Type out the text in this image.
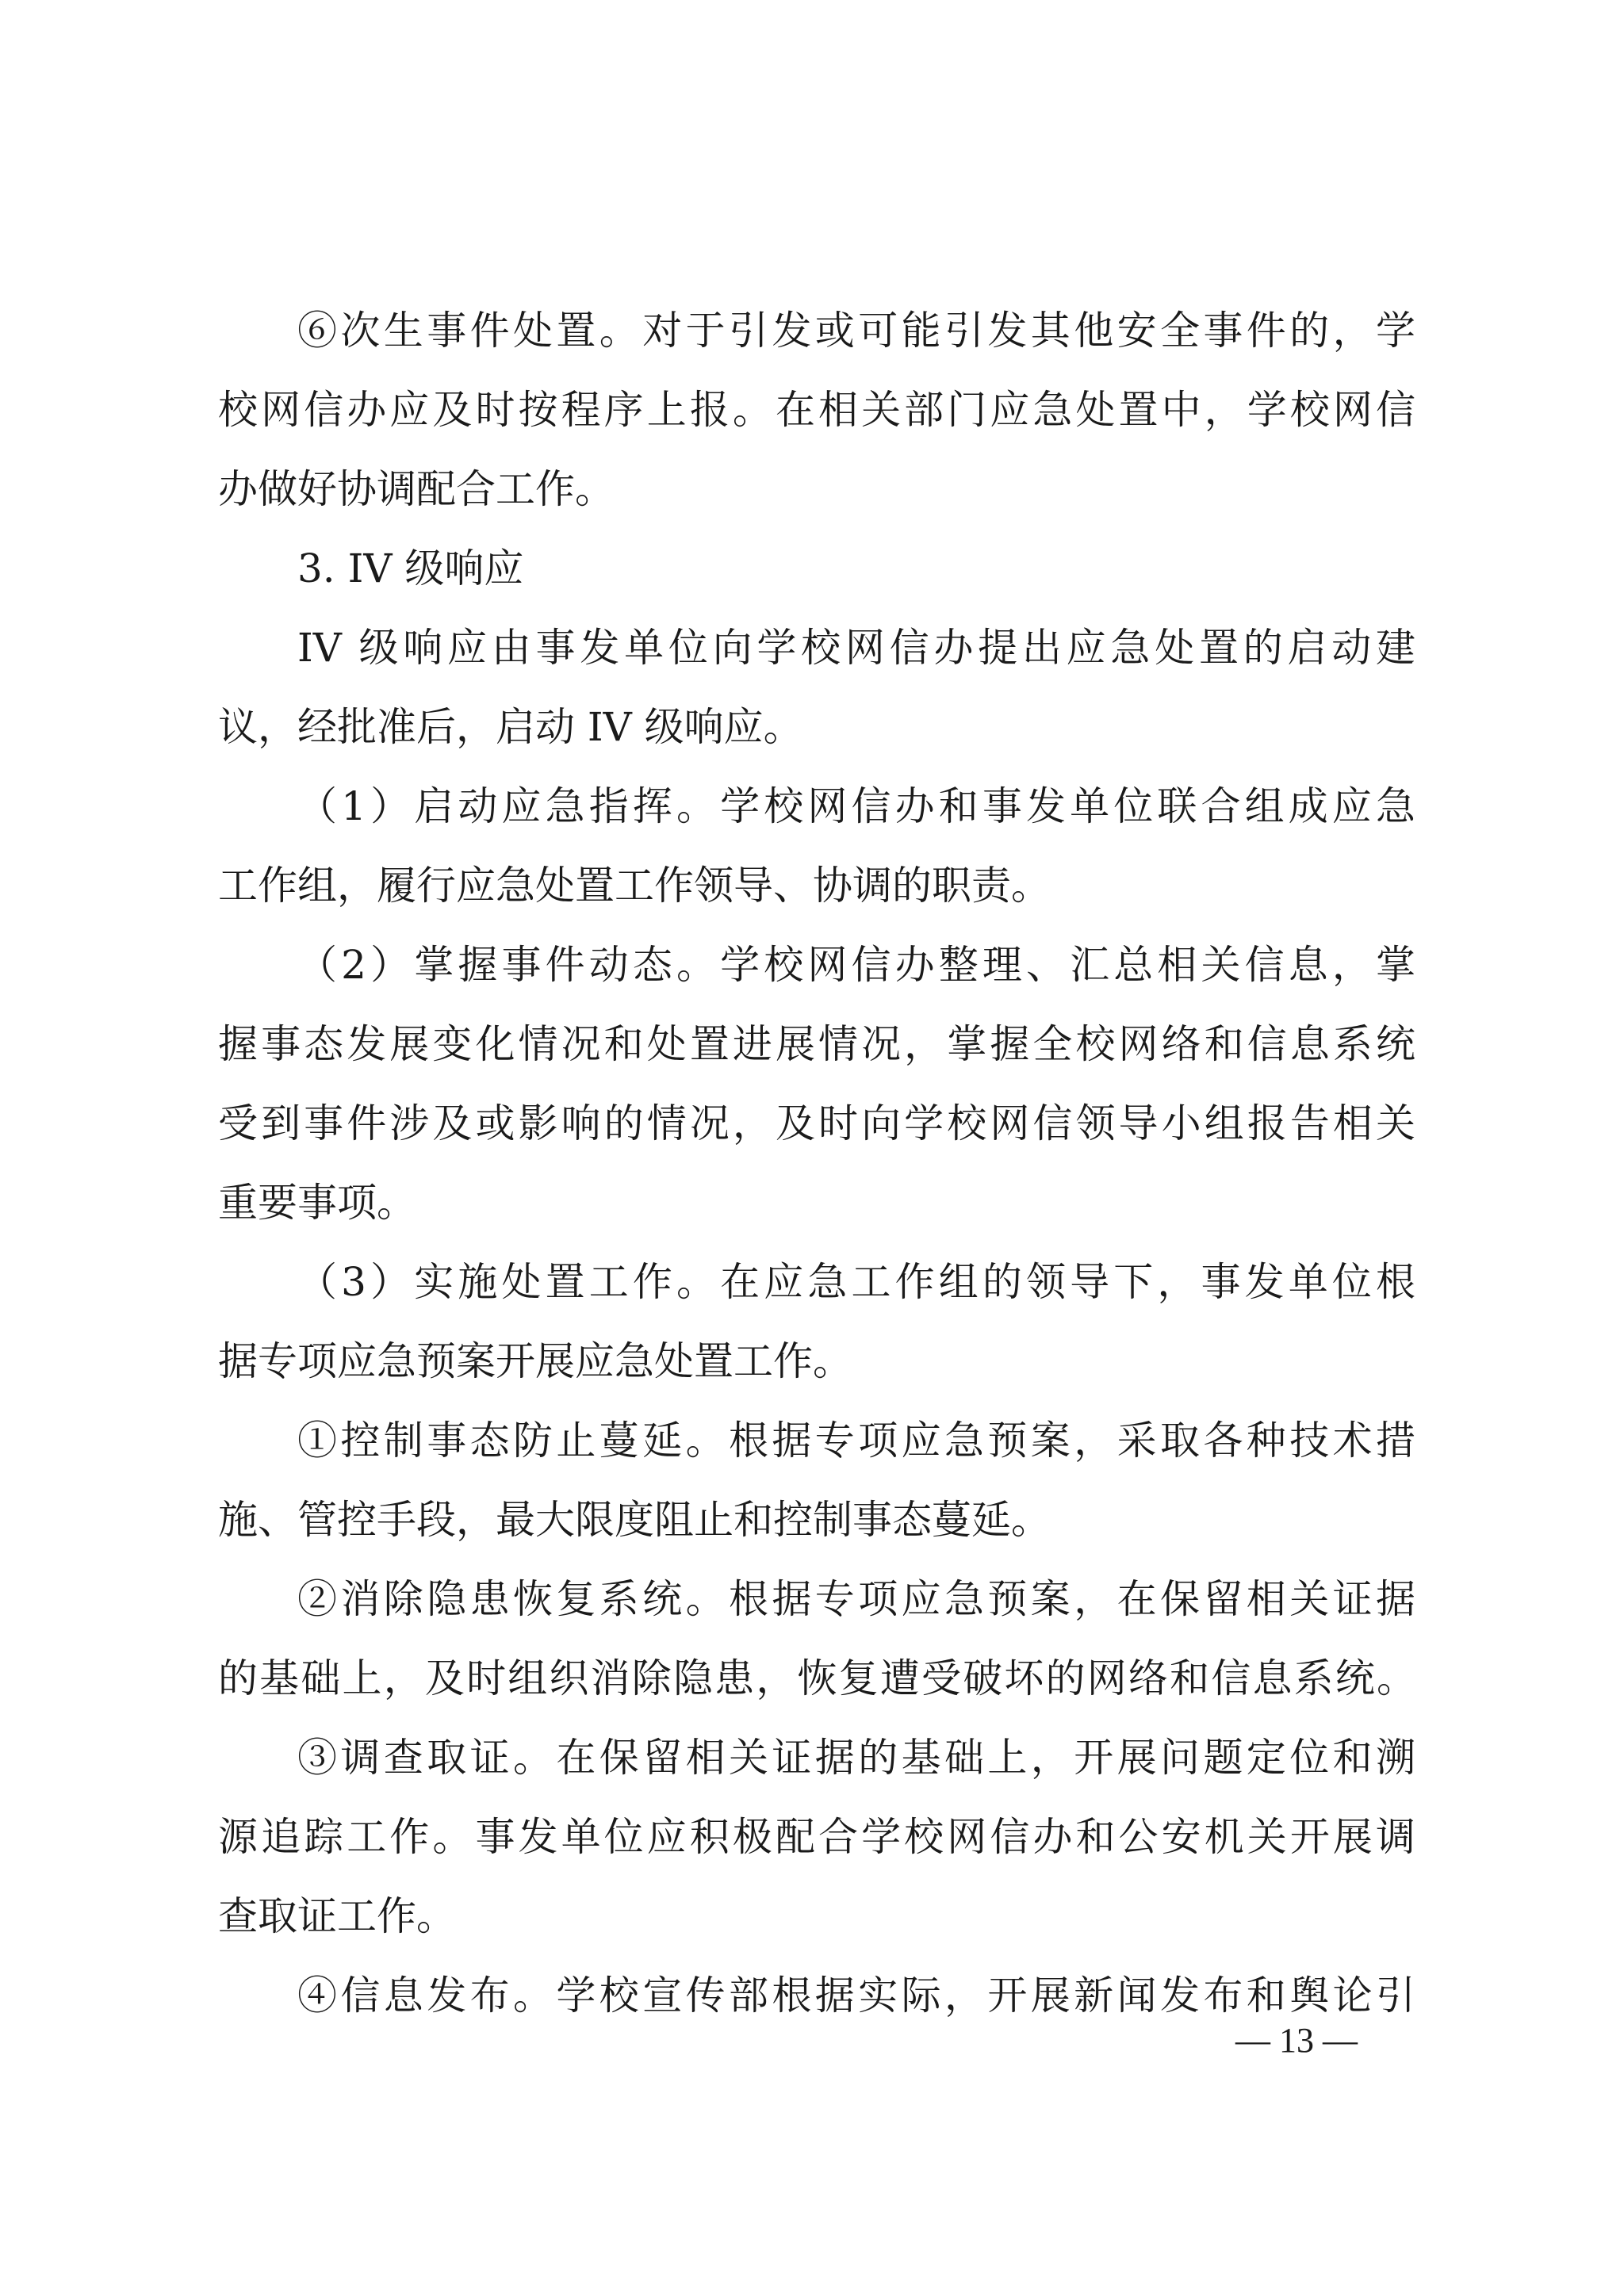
⑥次生事件处置。对于引发或可能引发其他安全事件的，学
校网信办应及时按程序上报。在相关部门应急处置中，学校网信
办做好协调配合工作。
3. IV 级响应
IV 级响应由事发单位向学校网信办提出应急处置的启动建
议，经批准后，启动 IV 级响应。
（1）启动应急指挥。学校网信办和事发单位联合组成应急
工作组，履行应急处置工作领导、协调的职责。
（2）掌握事件动态。学校网信办整理、汇总相关信息，掌
握事态发展变化情况和处置进展情况，掌握全校网络和信息系统
受到事件涉及或影响的情况，及时向学校网信领导小组报告相关
重要事项。
（3）实施处置工作。在应急工作组的领导下，事发单位根
据专项应急预案开展应急处置工作。
①控制事态防止蔓延。根据专项应急预案，采取各种技术措
施、管控手段，最大限度阻止和控制事态蔓延。
②消除隐患恢复系统。根据专项应急预案，在保留相关证据
的基础上，及时组织消除隐患，恢复遭受破坏的网络和信息系统。
③调查取证。在保留相关证据的基础上，开展问题定位和溯
源追踪工作。事发单位应积极配合学校网信办和公安机关开展调
查取证工作。
④信息发布。学校宣传部根据实际，开展新闻发布和舆论引
— 13 —
